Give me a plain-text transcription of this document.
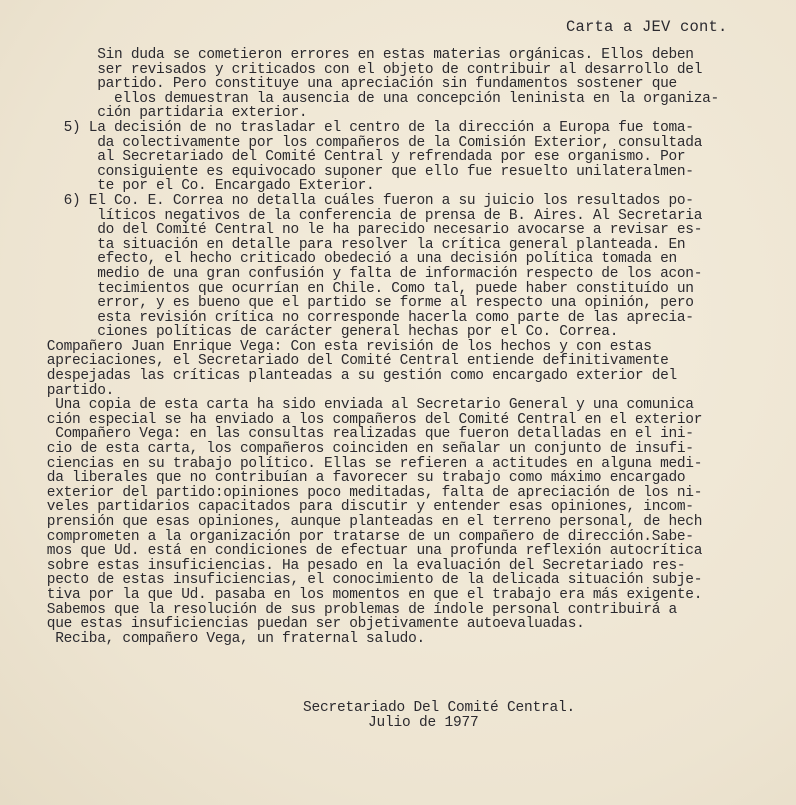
Carta a JEV cont.
Sin duda se cometieron errores en estas materias orgánicas. Ellos deben
ser revisados y criticados con el objeto de contribuir al desarrollo del
partido. Pero constituye una apreciación sin fundamentos sostener que
ellos demuestran la ausencia de una concepción leninista en la organiza-
ción partidaria exterior.
5) La decisión de no trasladar el centro de la dirección a Europa fue toma-
da colectivamente por los compañeros de la Comisión Exterior, consultada
al Secretariado del Comité Central y refrendada por ese organismo. Por
consiguiente es equivocado suponer que ello fue resuelto unilateralmen-
te por el Co. Encargado Exterior.
6) El Co. E. Correa no detalla cuáles fueron a su juicio los resultados po-
líticos negativos de la conferencia de prensa de B. Aires. Al Secretaria
do del Comité Central no le ha parecido necesario avocarse a revisar es-
ta situación en detalle para resolver la crítica general planteada. En
efecto, el hecho criticado obedeció a una decisión política tomada en
medio de una gran confusión y falta de información respecto de los acon-
tecimientos que ocurrían en Chile. Como tal, puede haber constituído un
error, y es bueno que el partido se forme al respecto una opinión, pero
esta revisión crítica no corresponde hacerla como parte de las aprecia-
ciones políticas de carácter general hechas por el Co. Correa.
Compañero Juan Enrique Vega: Con esta revisión de los hechos y con estas
apreciaciones, el Secretariado del Comité Central entiende definitivamente
despejadas las críticas planteadas a su gestión como encargado exterior del
partido.
Una copia de esta carta ha sido enviada al Secretario General y una comunica
ción especial se ha enviado a los compañeros del Comité Central en el exterior
Compañero Vega: en las consultas realizadas que fueron detalladas en el ini-
cio de esta carta, los compañeros coinciden en señalar un conjunto de insufi-
ciencias en su trabajo político. Ellas se refieren a actitudes en alguna medi-
da liberales que no contribuían a favorecer su trabajo como máximo encargado
exterior del partido:opiniones poco meditadas, falta de apreciación de los ni-
veles partidarios capacitados para discutir y entender esas opiniones, incom-
prensión que esas opiniones, aunque planteadas en el terreno personal, de hech
comprometen a la organización por tratarse de un compañero de dirección.Sabe-
mos que Ud. está en condiciones de efectuar una profunda reflexión autocrítica
sobre estas insuficiencias. Ha pesado en la evaluación del Secretariado res-
pecto de estas insuficiencias, el conocimiento de la delicada situación subje-
tiva por la que Ud. pasaba en los momentos en que el trabajo era más exigente.
Sabemos que la resolución de sus problemas de índole personal contribuirá a
que estas insuficiencias puedan ser objetivamente autoevaluadas.
Reciba, compañero Vega, un fraternal saludo.
Secretariado Del Comité Central.
Julio de 1977
